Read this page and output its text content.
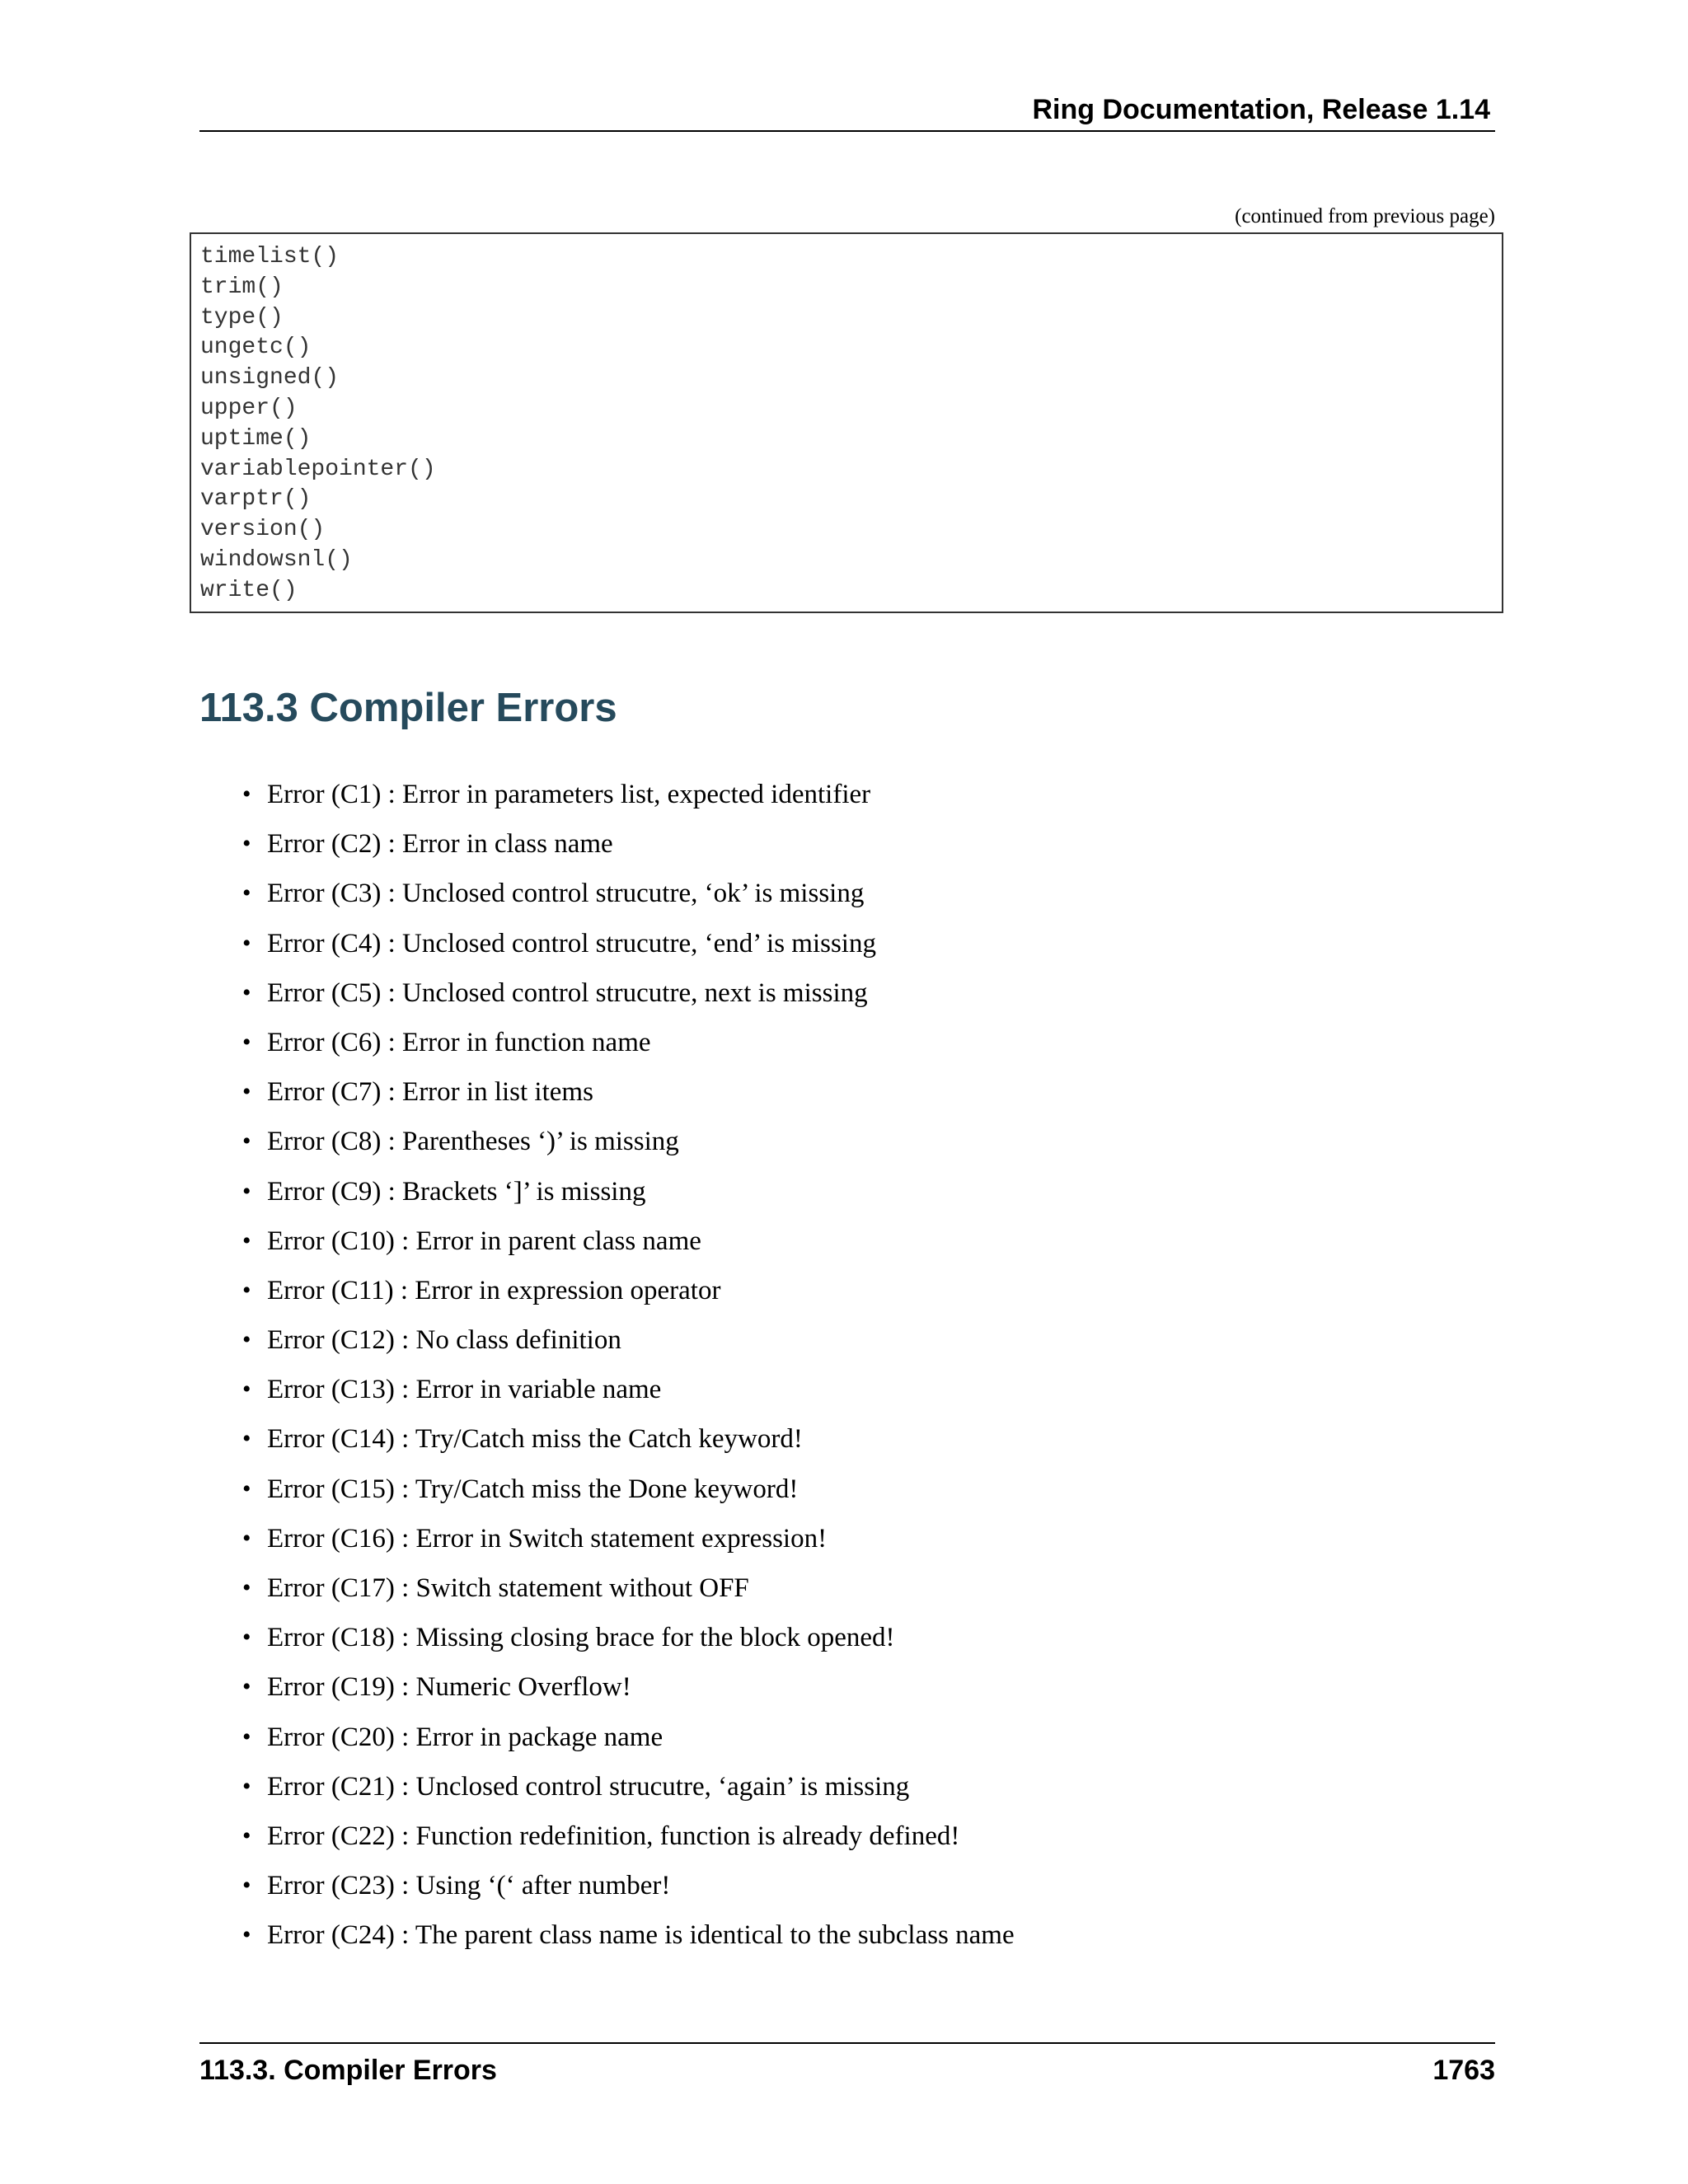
Ring Documentation, Release 1.14
(continued from previous page)
timelist()
trim()
type()
ungetc()
unsigned()
upper()
uptime()
variablepointer()
varptr()
version()
windowsnl()
write()
113.3 Compiler Errors
• Error (C1) : Error in parameters list, expected identifier
• Error (C2) : Error in class name
• Error (C3) : Unclosed control strucutre, ‘ok’ is missing
• Error (C4) : Unclosed control strucutre, ‘end’ is missing
• Error (C5) : Unclosed control strucutre, next is missing
• Error (C6) : Error in function name
• Error (C7) : Error in list items
• Error (C8) : Parentheses ‘)’ is missing
• Error (C9) : Brackets ‘]’ is missing
• Error (C10) : Error in parent class name
• Error (C11) : Error in expression operator
• Error (C12) : No class definition
• Error (C13) : Error in variable name
• Error (C14) : Try/Catch miss the Catch keyword!
• Error (C15) : Try/Catch miss the Done keyword!
• Error (C16) : Error in Switch statement expression!
• Error (C17) : Switch statement without OFF
• Error (C18) : Missing closing brace for the block opened!
• Error (C19) : Numeric Overflow!
• Error (C20) : Error in package name
• Error (C21) : Unclosed control strucutre, ‘again’ is missing
• Error (C22) : Function redefinition, function is already defined!
• Error (C23) : Using ‘(‘ after number!
• Error (C24) : The parent class name is identical to the subclass name
113.3. Compiler Errors	1763
